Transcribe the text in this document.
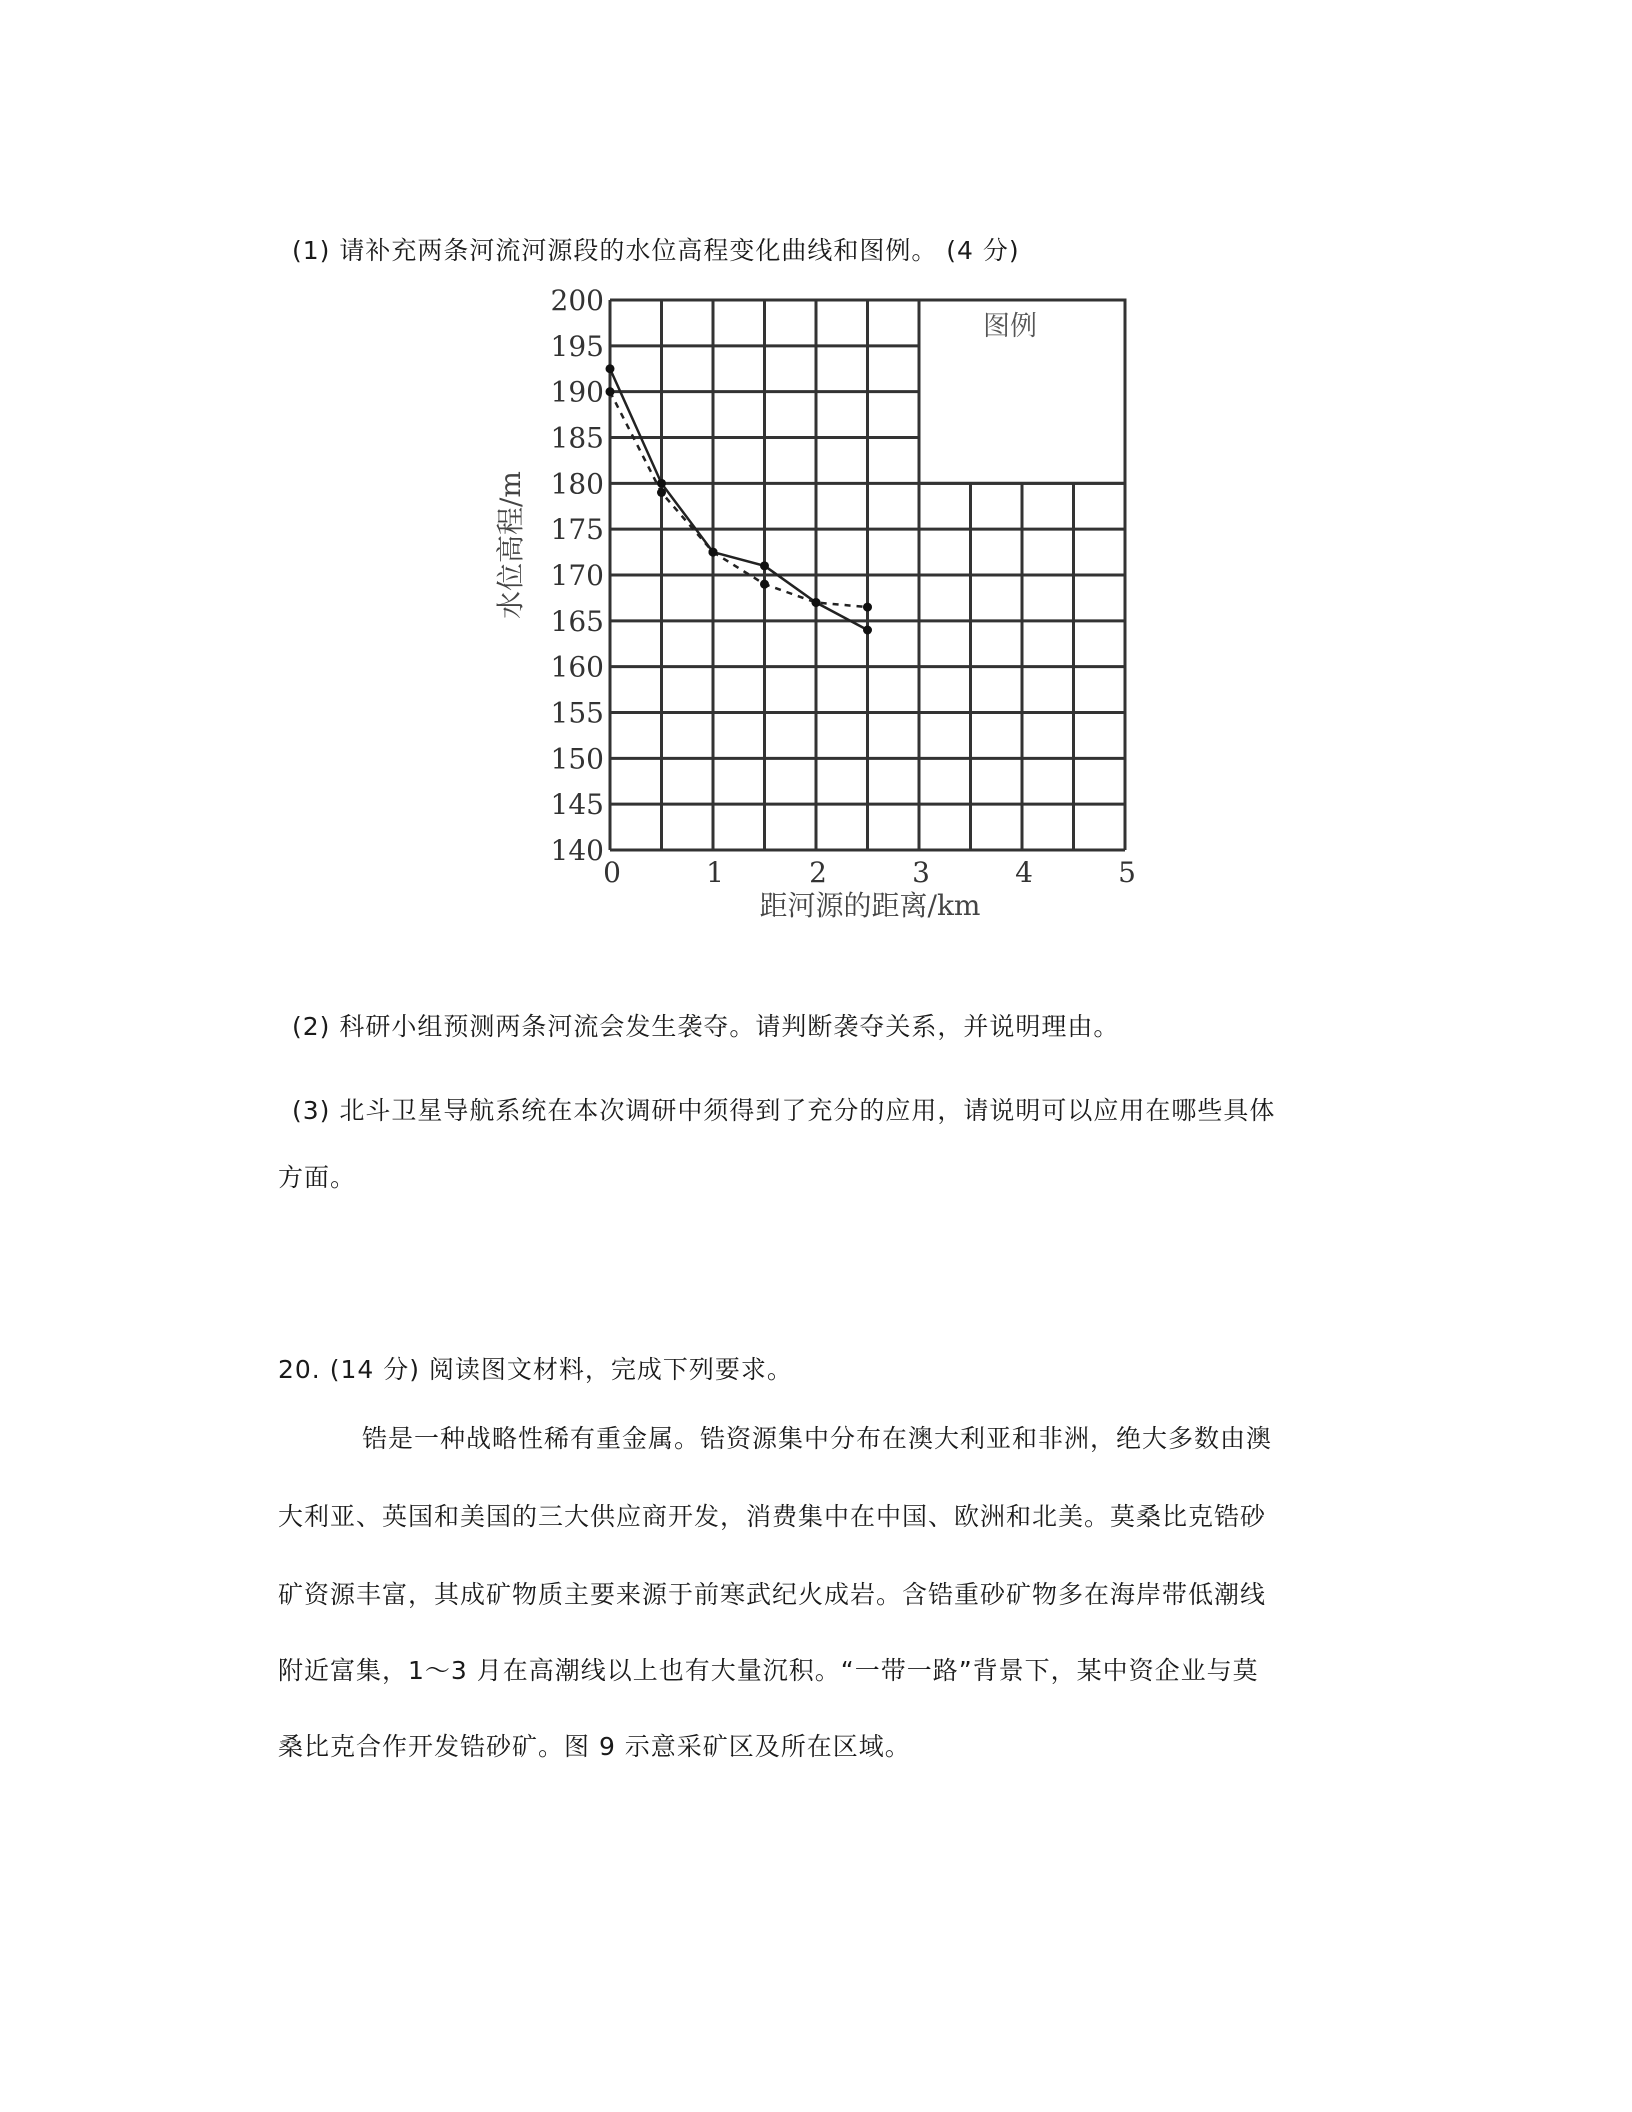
(1) 请补充两条河流河源段的水位高程变化曲线和图例。 (4 分)
200
195
190
185
180
175
170
165
160
155
150
145
140
0	1	2	3	4	5
水位高程/m
距河源的距离/km
图例
(2) 科研小组预测两条河流会发生袭夺。请判断袭夺关系，并说明理由。
(3) 北斗卫星导航系统在本次调研中须得到了充分的应用，请说明可以应用在哪些具体
方面。
20. (14 分) 阅读图文材料，完成下列要求。
锆是一种战略性稀有重金属。锆资源集中分布在澳大利亚和非洲，绝大多数由澳
大利亚、英国和美国的三大供应商开发，消费集中在中国、欧洲和北美。莫桑比克锆砂
矿资源丰富，其成矿物质主要来源于前寒武纪火成岩。含锆重砂矿物多在海岸带低潮线
附近富集，1～3 月在高潮线以上也有大量沉积。“一带一路”背景下，某中资企业与莫
桑比克合作开发锆砂矿。图 9 示意采矿区及所在区域。
